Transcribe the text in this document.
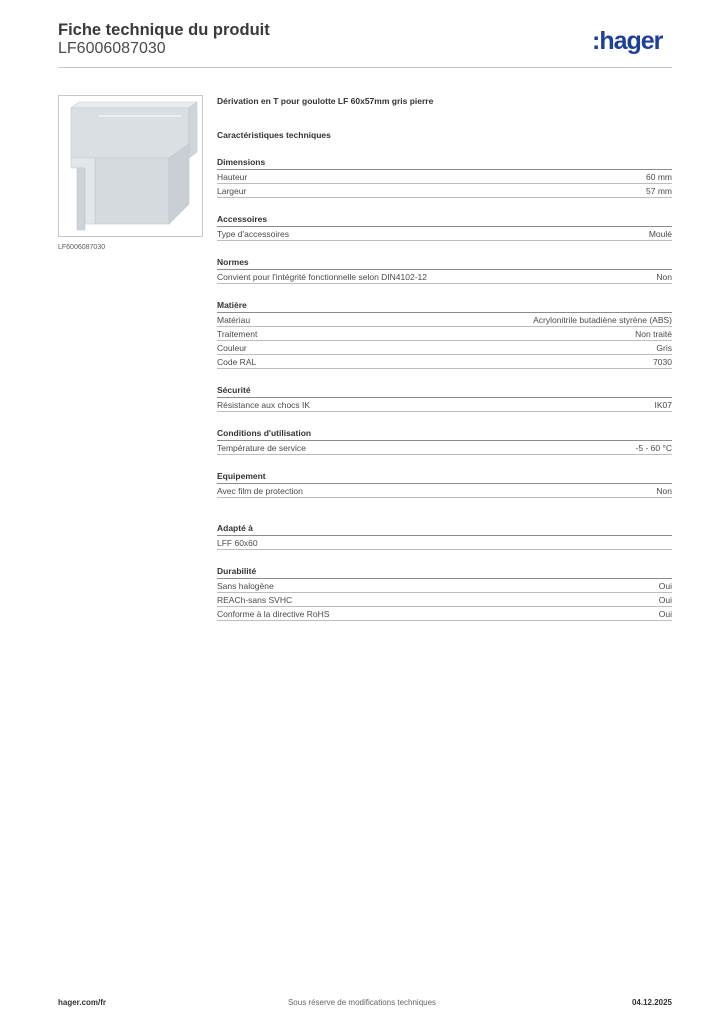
Fiche technique du produit
LF6006087030	:hager
LF6006087030
Dérivation en T pour goulotte LF 60x57mm gris pierre
Caractéristiques techniques
Dimensions
Hauteur	60 mm
Largeur	57 mm
Accessoires
Type d'accessoires	Moulé
Normes
Convient pour l'intégrité fonctionnelle selon DIN4102-12	Non
Matière
Matériau	Acrylonitrile butadiène styrène (ABS)
Traitement	Non traité
Couleur	Gris
Code RAL	7030
Sécurité
Résistance aux chocs IK	IK07
Conditions d'utilisation
Température de service	-5 - 60 °C
Equipement
Avec film de protection	Non
Adapté à
LFF 60x60
Durabilité
Sans halogène	Oui
REACh-sans SVHC	Oui
Conforme à la directive RoHS	Oui
hager.com/fr	Sous réserve de modifications techniques	04.12.2025
